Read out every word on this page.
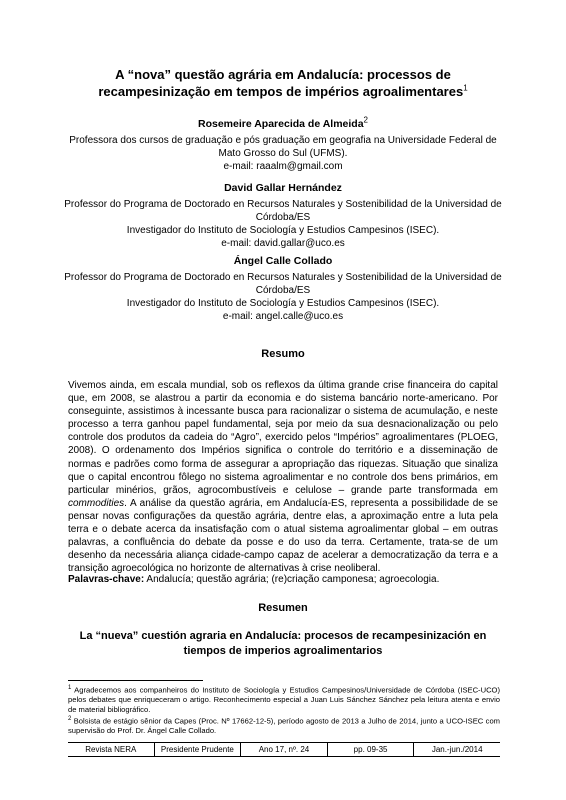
A “nova” questão agrária em Andalucía: processos de recampesinização em tempos de impérios agroalimentares$^1$
Rosemeire Aparecida de Almeida$^2$
Professora dos cursos de graduação e pós graduação em geografia na Universidade Federal de Mato Grosso do Sul (UFMS).
e-mail: raaalm@gmail.com
David Gallar Hernández
Professor do Programa de Doctorado en Recursos Naturales y Sostenibilidad de la Universidad de Córdoba/ES
Investigador do Instituto de Sociología y Estudios Campesinos (ISEC).
e-mail: david.gallar@uco.es
Ángel Calle Collado
Professor do Programa de Doctorado en Recursos Naturales y Sostenibilidad de la Universidad de Córdoba/ES
Investigador do Instituto de Sociología y Estudios Campesinos (ISEC).
e-mail: angel.calle@uco.es
Resumo

Vivemos ainda, em escala mundial, sob os reflexos da última grande crise financeira do capital que, em 2008, se alastrou a partir da economia e do sistema bancário norte-americano. Por conseguinte, assistimos à incessante busca para racionalizar o sistema de acumulação, e neste processo a terra ganhou papel fundamental, seja por meio da sua desnacionalização ou pelo controle dos produtos da cadeia do “Agro”, exercido pelos “Impérios” agroalimentares (PLOEG, 2008). O ordenamento dos Impérios significa o controle do território e a disseminação de normas e padrões como forma de assegurar a apropriação das riquezas. Situação que sinaliza que o capital encontrou fôlego no sistema agroalimentar e no controle dos bens primários, em particular minérios, grãos, agrocombustíveis e celulose – grande parte transformada em commodities. A análise da questão agrária, em Andalucía-ES, representa a possibilidade de se pensar novas configurações da questão agrária, dentre elas, a aproximação entre a luta pela terra e o debate acerca da insatisfação com o atual sistema agroalimentar global – em outras palavras, a confluência do debate da posse e do uso da terra. Certamente, trata-se de um desenho da necessária aliança cidade-campo capaz de acelerar a democratização da terra e a transição agroecológica no horizonte de alternativas à crise neoliberal.

Palavras-chave: Andalucía; questão agrária; (re)criação camponesa; agroecologia.
Resumen
La “nueva” cuestión agraria en Andalucía: procesos de recampesinización en tiempos de imperios agroalimentarios

$^1$ Agradecemos aos companheiros do Instituto de Sociología y Estudios Campesinos/Universidade de Córdoba (ISEC-UCO) pelos debates que enriqueceram o artigo. Reconhecimento especial a Juan Luis Sánchez Sánchez pela leitura atenta e envio de material bibliográfico.

$^2$ Bolsista de estágio sênior da Capes (Proc. Nº 17662-12-5), período agosto de 2013 a Julho de 2014, junto a UCO-ISEC com supervisão do Prof. Dr. Ángel Calle Collado.

Revista NERA	Presidente Prudente	Ano 17, nº. 24	pp. 09-35	Jan.-jun./2014
